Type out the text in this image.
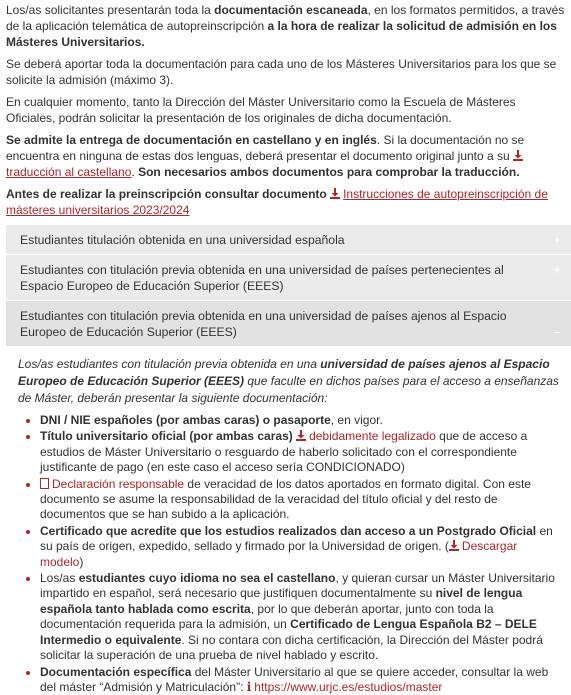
Los/as solicitantes presentarán toda la documentación escaneada, en los formatos permitidos, a través de la aplicación telemática de autopreinscripción a la hora de realizar la solicitud de admisión en los Másteres Universitarios.

Se deberá aportar toda la documentación para cada uno de los Másteres Universitarios para los que se solicite la admisión (máximo 3).

En cualquier momento, tanto la Dirección del Máster Universitario como la Escuela de Másteres Oficiales, podrán solicitar la presentación de los originales de dicha documentación.

Se admite la entrega de documentación en castellano y en inglés. Si la documentación no se encuentra en ninguna de estas dos lenguas, deberá presentar el documento original junto a su traducción al castellano. Son necesarios ambos documentos para comprobar la traducción.

Antes de realizar la preinscripción consultar documento Instrucciones de autopreinscripción de másteres universitarios 2023/2024

Estudiantes titulación obtenida en una universidad española	+
Estudiantes con titulación previa obtenida en una universidad de países pertenecientes al Espacio Europeo de Educación Superior (EEES)
+
Estudiantes con titulación previa obtenida en una universidad de países ajenos al Espacio Europeo de Educación Superior (EEES)	−
Los/as estudiantes con titulación previa obtenida en una universidad de países ajenos al Espacio Europeo de Educación Superior (EEES) que faculte en dichos países para el acceso a enseñanzas de Máster, deberán presentar la siguiente documentación:
• DNI / NIE españoles (por ambas caras) o pasaporte, en vigor.
• Título universitario oficial (por ambas caras) debidamente legalizado que de acceso a estudios de Máster Universitario o resguardo de haberlo solicitado con el correspondiente justificante de pago (en este caso el acceso sería CONDICIONADO)
• Declaración responsable de veracidad de los datos aportados en formato digital. Con este documento se asume la responsabilidad de la veracidad del título oficial y del resto de documentos que se han subido a la aplicación.
• Certificado que acredite que los estudios realizados dan acceso a un Postgrado Oficial en su país de origen, expedido, sellado y firmado por la Universidad de origen. ( Descargar modelo)
• Los/as estudiantes cuyo idioma no sea el castellano, y quieran cursar un Máster Universitario impartido en español, será necesario que justifiquen documentalmente su nivel de lengua española tanto hablada como escrita, por lo que deberán aportar, junto con toda la documentación requerida para la admisión, un Certificado de Lengua Española B2 – DELE Intermedio o equivalente. Si no contara con dicha certificación, la Dirección del Máster podrá solicitar la superación de una prueba de nivel hablado y escrito.
• Documentación específica del Máster Universitario al que se quiere acceder, consultar la web del máster “Admisión y Matriculación”: i https://www.urjc.es/estudios/master
